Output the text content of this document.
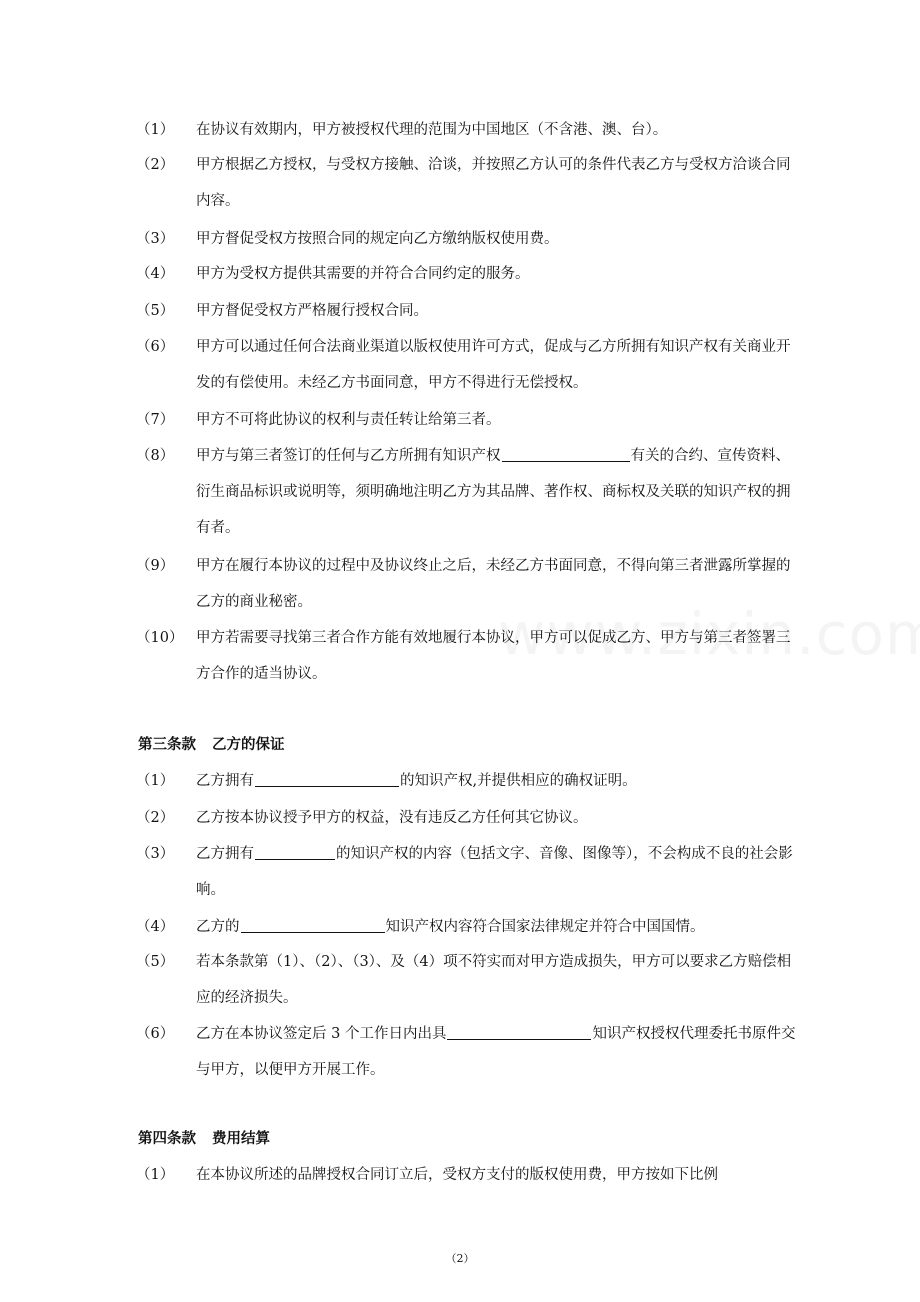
（1）	在协议有效期内，甲方被授权代理的范围为中国地区（不含港、澳、台）。
（2）	甲方根据乙方授权，与受权方接触、洽谈，并按照乙方认可的条件代表乙方与受权方洽谈合同内容。
（3）	甲方督促受权方按照合同的规定向乙方缴纳版权使用费。
（4）	甲方为受权方提供其需要的并符合合同约定的服务。
（5）	甲方督促受权方严格履行授权合同。
（6）	甲方可以通过任何合法商业渠道以版权使用许可方式，促成与乙方所拥有知识产权有关商业开发的有偿使用。未经乙方书面同意，甲方不得进行无偿授权。
（7）	甲方不可将此协议的权利与责任转让给第三者。
（8）	甲方与第三者签订的任何与乙方所拥有知识产权	有关的合约、宣传资料、衍生商品标识或说明等，须明确地注明乙方为其品牌、著作权、商标权及关联的知识产权的拥有者。
（9）	甲方在履行本协议的过程中及协议终止之后，未经乙方书面同意，不得向第三者泄露所掌握的乙方的商业秘密。
（10） 甲方若需要寻找第三者合作方能有效地履行本协议，甲方可以促成乙方、甲方与第三者签署三方合作的适当协议。
第三条款 乙方的保证
（1）	乙方拥有	的知识产权,并提供相应的确权证明。
（2）	乙方按本协议授予甲方的权益，没有违反乙方任何其它协议。
（3）	乙方拥有	的知识产权的内容（包括文字、音像、图像等），不会构成不良的社会影响。
（4）	乙方的	知识产权内容符合国家法律规定并符合中国国情。
（5）	若本条款第（1）、（2）、（3）、及（4）项不符实而对甲方造成损失，甲方可以要求乙方赔偿相应的经济损失。
（6）	乙方在本协议签定后 3 个工作日内出具	知识产权授权代理委托书原件交与甲方，以便甲方开展工作。
第四条款 费用结算
（1）	在本协议所述的品牌授权合同订立后，受权方支付的版权使用费，甲方按如下比例
（2）
